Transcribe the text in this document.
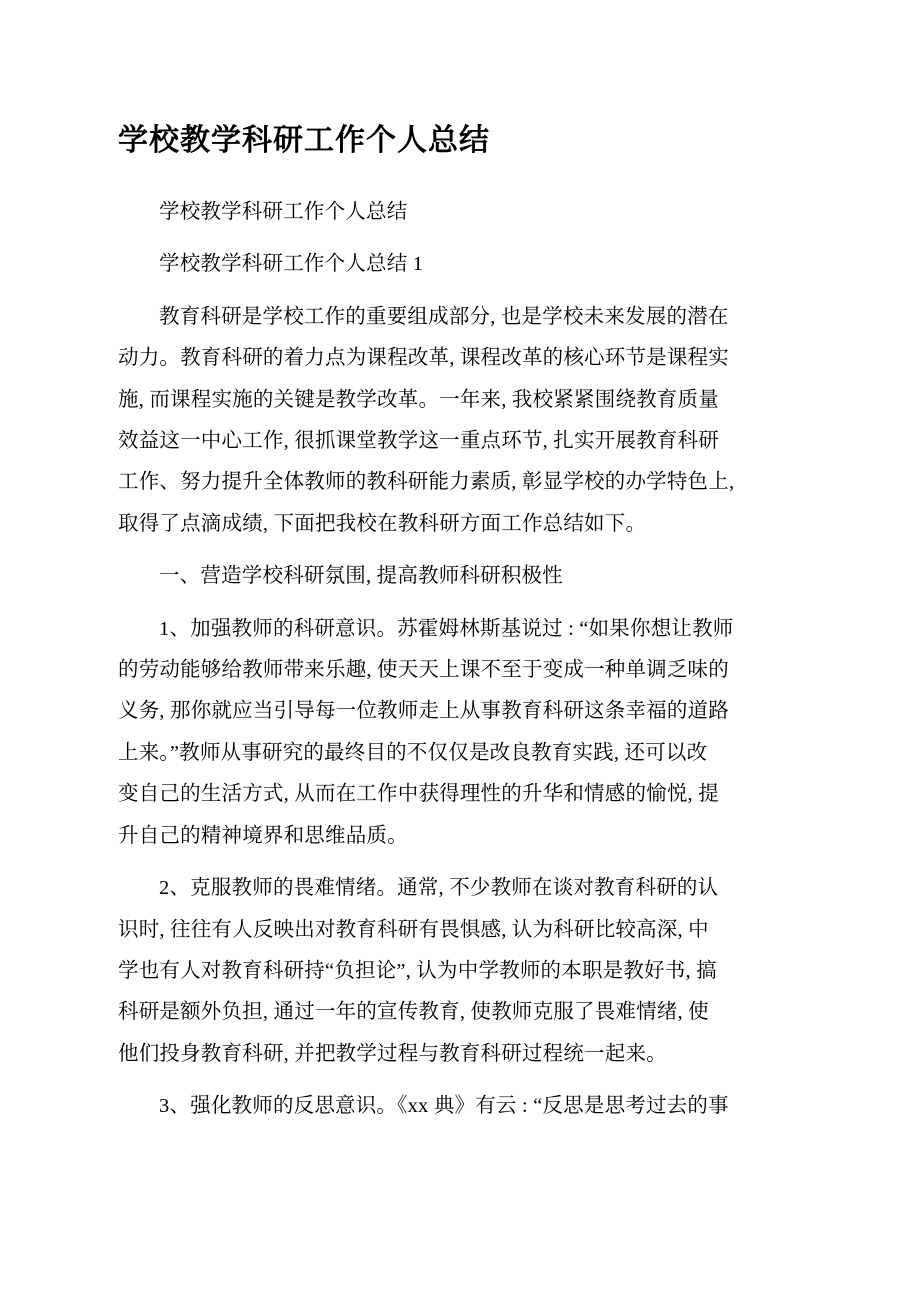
学校教学科研工作个人总结

学校教学科研工作个人总结

学校教学科研工作个人总结 1

教育科研是学校工作的重要组成部分, 也是学校未来发展的潜在

动力。教育科研的着力点为课程改革, 课程改革的核心环节是课程实

施, 而课程实施的关键是教学改革。一年来, 我校紧紧围绕教育质量

效益这一中心工作, 很抓课堂教学这一重点环节, 扎实开展教育科研

工作、努力提升全体教师的教科研能力素质, 彰显学校的办学特色上,

取得了点滴成绩, 下面把我校在教科研方面工作总结如下。

一、营造学校科研氛围, 提高教师科研积极性

1、加强教师的科研意识。苏霍姆林斯基说过 : “如果你想让教师

的劳动能够给教师带来乐趣, 使天天上课不至于变成一种单调乏味的

义务, 那你就应当引导每一位教师走上从事教育科研这条幸福的道路

上来。”教师从事研究的最终目的不仅仅是改良教育实践, 还可以改

变自己的生活方式, 从而在工作中获得理性的升华和情感的愉悦, 提

升自己的精神境界和思维品质。

2、克服教师的畏难情绪。通常, 不少教师在谈对教育科研的认

识时, 往往有人反映出对教育科研有畏惧感, 认为科研比较高深, 中

学也有人对教育科研持“负担论”, 认为中学教师的本职是教好书, 搞

科研是额外负担, 通过一年的宣传教育, 使教师克服了畏难情绪, 使

他们投身教育科研, 并把教学过程与教育科研过程统一起来。

3、强化教师的反思意识。《xx 典》有云 : “反思是思考过去的事
